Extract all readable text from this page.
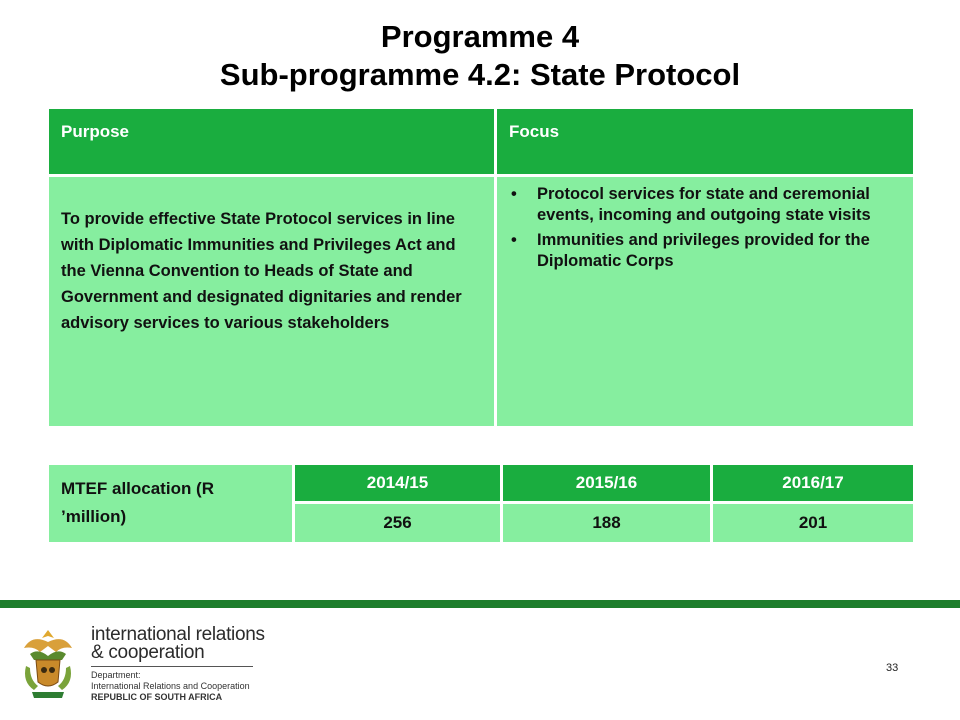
Programme 4
Sub-programme 4.2: State Protocol
Purpose	Focus
To provide effective State Protocol services in line with Diplomatic Immunities and Privileges Act and the Vienna Convention to Heads of State and Government and designated dignitaries and render advisory services to various stakeholders
• Protocol services for state and ceremonial events, incoming and outgoing state visits
• Immunities and privileges provided for the Diplomatic Corps
MTEF allocation (R ’million)
2014/15	2015/16	2016/17
256	188	201
international relations
& cooperation
Department:
International Relations and Cooperation
REPUBLIC OF SOUTH AFRICA
33
